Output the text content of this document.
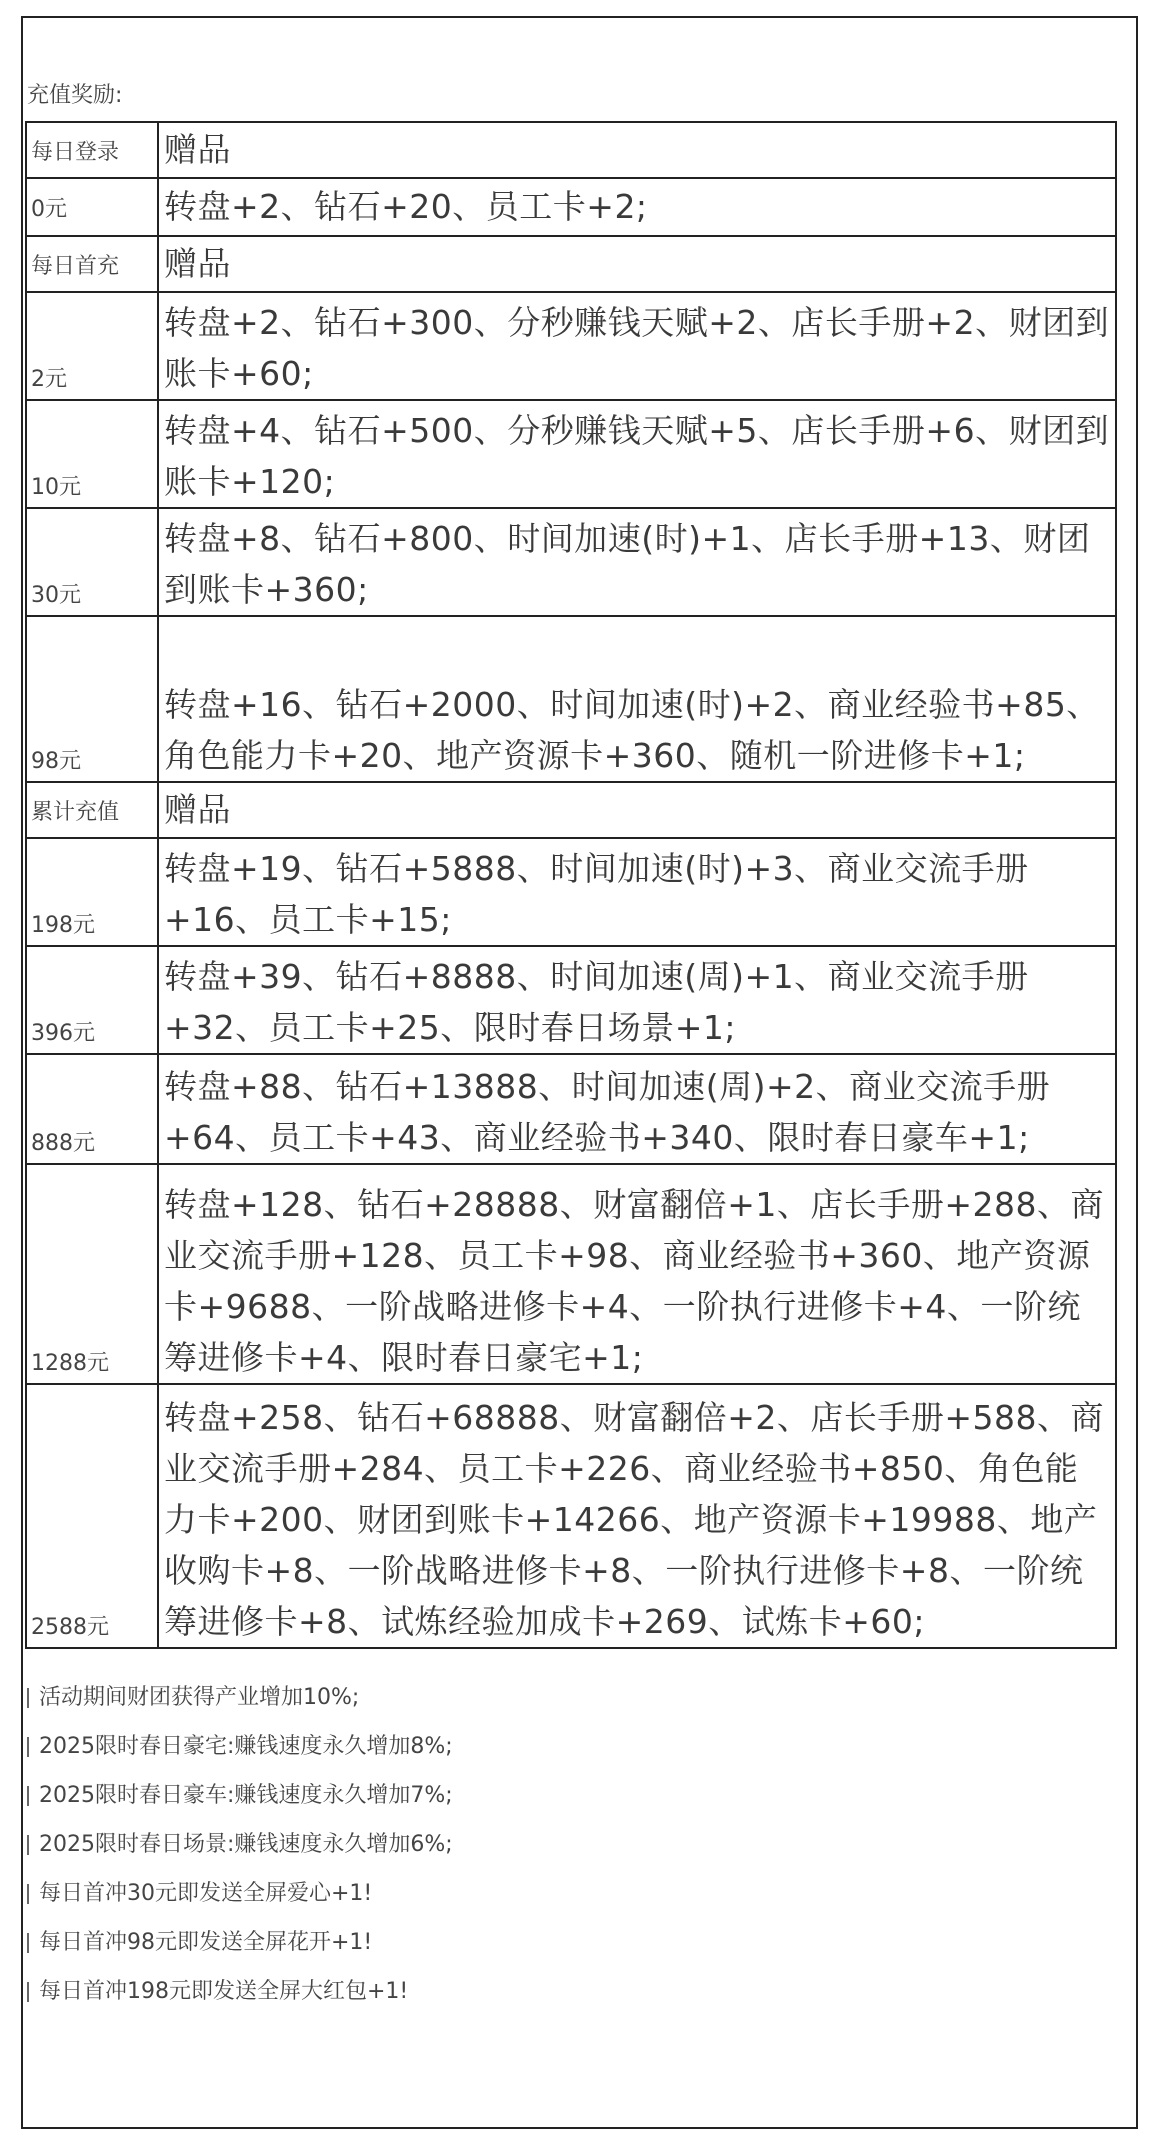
充值奖励:
每日登录	赠品
0元	转盘+2、钻石+20、员工卡+2;
每日首充	赠品
2元	转盘+2、钻石+300、分秒赚钱天赋+2、店长手册+2、财团到账卡+60;
10元	转盘+4、钻石+500、分秒赚钱天赋+5、店长手册+6、财团到账卡+120;
30元	转盘+8、钻石+800、时间加速(时)+1、店长手册+13、财团到账卡+360;
98元	转盘+16、钻石+2000、时间加速(时)+2、商业经验书+85、角色能力卡+20、地产资源卡+360、随机一阶进修卡+1;
累计充值	赠品
198元	转盘+19、钻石+5888、时间加速(时)+3、商业交流手册+16、员工卡+15;
396元	转盘+39、钻石+8888、时间加速(周)+1、商业交流手册+32、员工卡+25、限时春日场景+1;
888元	转盘+88、钻石+13888、时间加速(周)+2、商业交流手册+64、员工卡+43、商业经验书+340、限时春日豪车+1;
1288元	转盘+128、钻石+28888、财富翻倍+1、店长手册+288、商业交流手册+128、员工卡+98、商业经验书+360、地产资源卡+9688、一阶战略进修卡+4、一阶执行进修卡+4、一阶统筹进修卡+4、限时春日豪宅+1;
2588元	转盘+258、钻石+68888、财富翻倍+2、店长手册+588、商业交流手册+284、员工卡+226、商业经验书+850、角色能力卡+200、财团到账卡+14266、地产资源卡+19988、地产收购卡+8、一阶战略进修卡+8、一阶执行进修卡+8、一阶统筹进修卡+8、试炼经验加成卡+269、试炼卡+60;
活动期间财团获得产业增加10%;
2025限时春日豪宅:赚钱速度永久增加8%;
2025限时春日豪车:赚钱速度永久增加7%;
2025限时春日场景:赚钱速度永久增加6%;
每日首冲30元即发送全屏爱心+1!
每日首冲98元即发送全屏花开+1!
每日首冲198元即发送全屏大红包+1!
